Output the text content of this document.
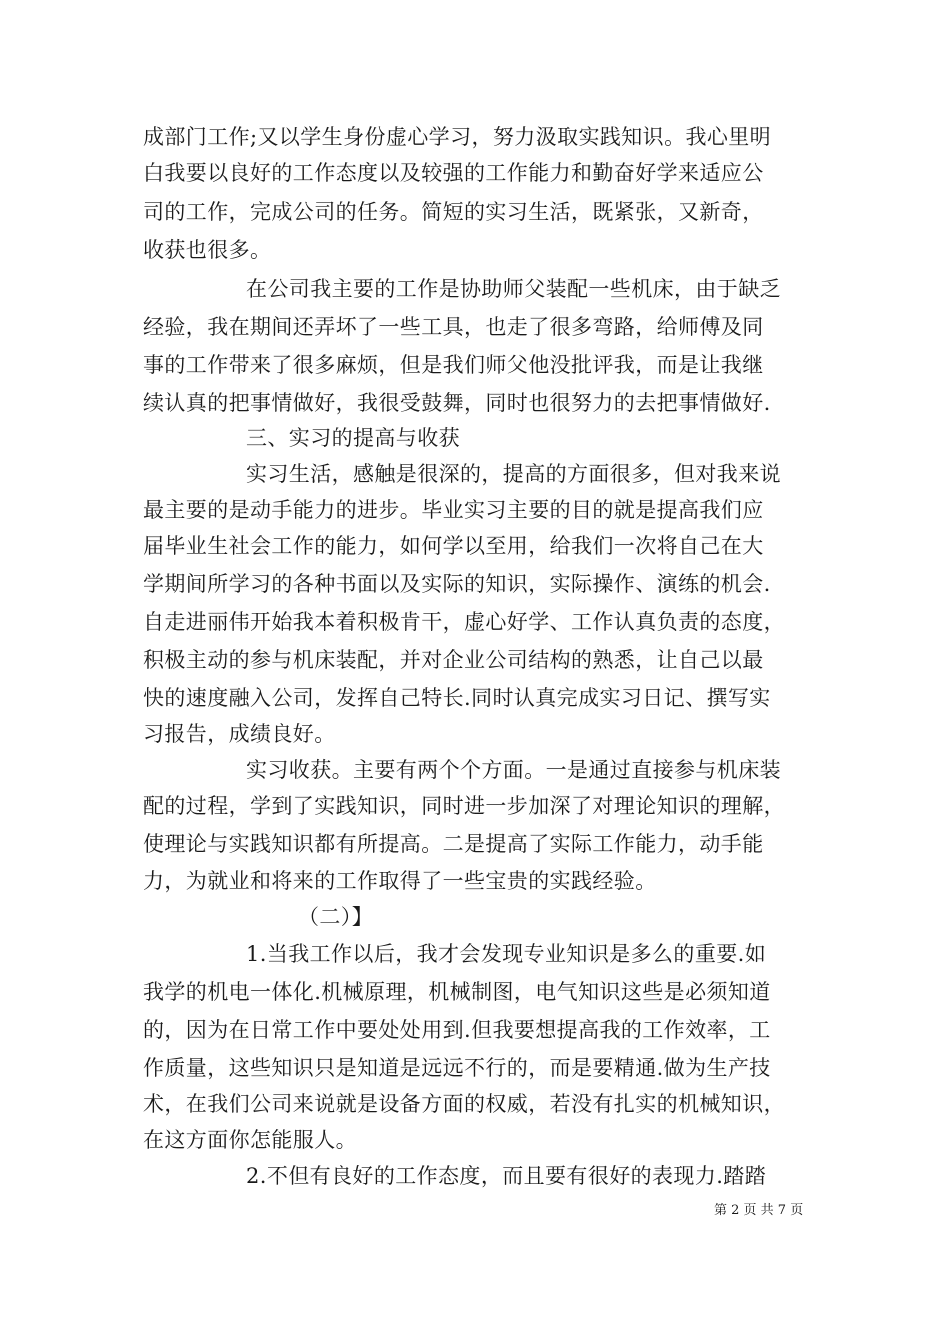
成部门工作;又以学生身份虚心学习，努力汲取实践知识。我心里明
白我要以良好的工作态度以及较强的工作能力和勤奋好学来适应公
司的工作，完成公司的任务。简短的实习生活，既紧张，又新奇，
收获也很多。
在公司我主要的工作是协助师父装配一些机床，由于缺乏
经验，我在期间还弄坏了一些工具，也走了很多弯路，给师傅及同
事的工作带来了很多麻烦，但是我们师父他没批评我，而是让我继
续认真的把事情做好，我很受鼓舞，同时也很努力的去把事情做好.
三、实习的提高与收获
实习生活，感触是很深的，提高的方面很多，但对我来说
最主要的是动手能力的进步。毕业实习主要的目的就是提高我们应
届毕业生社会工作的能力，如何学以至用，给我们一次将自己在大
学期间所学习的各种书面以及实际的知识，实际操作、演练的机会.
自走进丽伟开始我本着积极肯干，虚心好学、工作认真负责的态度，
积极主动的参与机床装配，并对企业公司结构的熟悉，让自己以最
快的速度融入公司，发挥自己特长.同时认真完成实习日记、撰写实
习报告，成绩良好。
实习收获。主要有两个个方面。一是通过直接参与机床装
配的过程，学到了实践知识，同时进一步加深了对理论知识的理解，
使理论与实践知识都有所提高。二是提高了实际工作能力，动手能
力，为就业和将来的工作取得了一些宝贵的实践经验。
（二）】
1.当我工作以后，我才会发现专业知识是多么的重要.如
我学的机电一体化.机械原理，机械制图，电气知识这些是必须知道
的，因为在日常工作中要处处用到.但我要想提高我的工作效率，工
作质量，这些知识只是知道是远远不行的，而是要精通.做为生产技
术，在我们公司来说就是设备方面的权威，若没有扎实的机械知识，
在这方面你怎能服人。
2.不但有良好的工作态度，而且要有很好的表现力.踏踏
第 2 页 共 7 页
